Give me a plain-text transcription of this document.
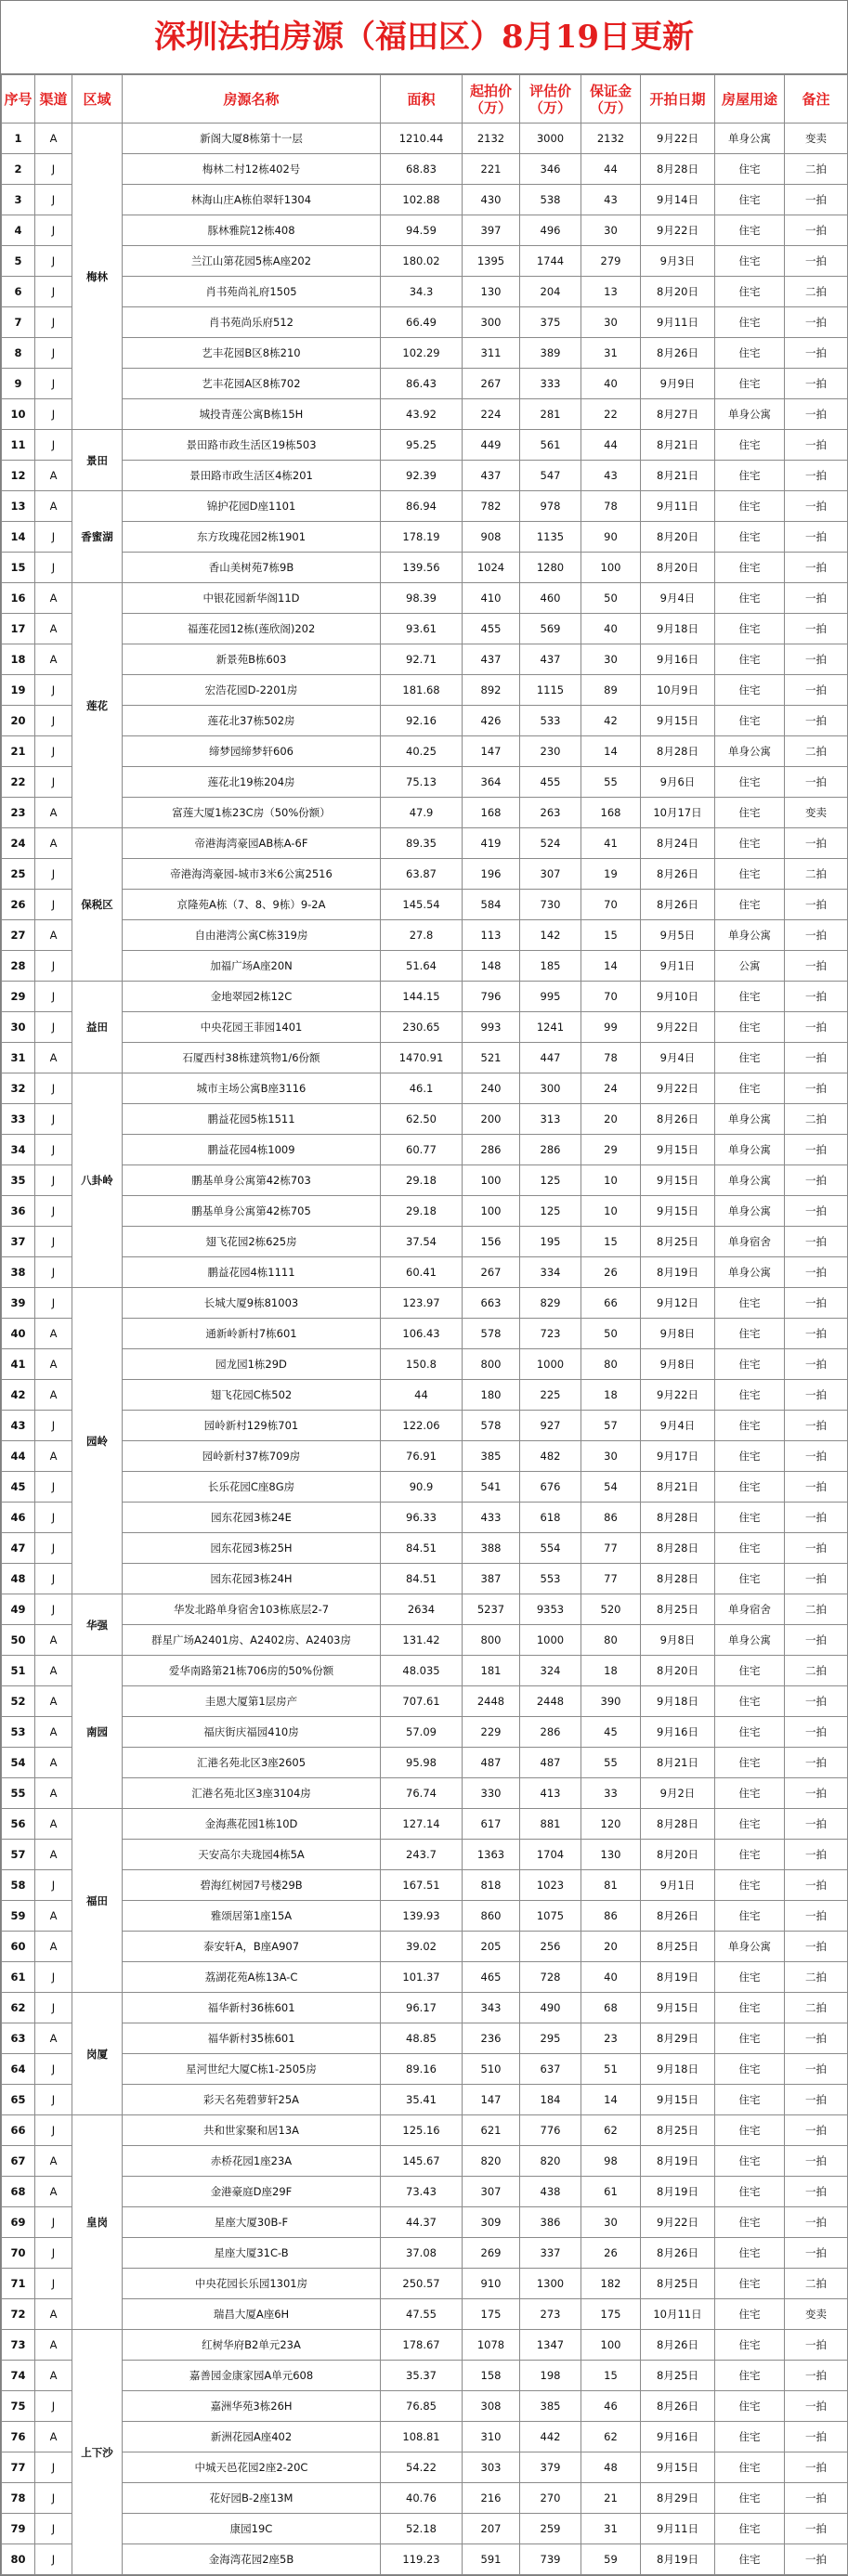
深圳法拍房源（福田区）8月19日更新
序号	渠道	区域	房源名称	面积	起拍价（万）	评估价（万）	保证金（万）	开拍日期	房屋用途	备注
1	A	梅林	新阁大厦8栋第十一层	1210.44	2132	3000	2132	9月22日	单身公寓	变卖
2	J		梅林二村12栋402号	68.83	221	346	44	8月28日	住宅	二拍
3	J		林海山庄A栋伯翠轩1304	102.88	430	538	43	9月14日	住宅	一拍
4	J		豚林雅院12栋408	94.59	397	496	30	9月22日	住宅	一拍
5	J		兰江山第花园5栋A座202	180.02	1395	1744	279	9月3日	住宅	一拍
6	J		肖书苑尚礼府1505	34.3	130	204	13	8月20日	住宅	二拍
7	J		肖书苑尚乐府512	66.49	300	375	30	9月11日	住宅	一拍
8	J		艺丰花园B区8栋210	102.29	311	389	31	8月26日	住宅	一拍
9	J		艺丰花园A区8栋702	86.43	267	333	40	9月9日	住宅	一拍
10	J		城投青莲公寓B栋15H	43.92	224	281	22	8月27日	单身公寓	一拍
11	J	景田	景田路市政生活区19栋503	95.25	449	561	44	8月21日	住宅	一拍
12	A		景田路市政生活区4栋201	92.39	437	547	43	8月21日	住宅	一拍
13	A	香蜜湖	锦护花园D座1101	86.94	782	978	78	9月11日	住宅	一拍
14	J		东方玫瑰花园2栋1901	178.19	908	1135	90	8月20日	住宅	一拍
15	J		香山美树苑7栋9B	139.56	1024	1280	100	8月20日	住宅	一拍
16	A	莲花	中银花园新华阁11D	98.39	410	460	50	9月4日	住宅	一拍
17	A		福莲花园12栋(莲欣阁)202	93.61	455	569	40	9月18日	住宅	一拍
18	A		新景苑B栋603	92.71	437	437	30	9月16日	住宅	一拍
19	J		宏浩花园D-2201房	181.68	892	1115	89	10月9日	住宅	一拍
20	J		莲花北37栋502房	92.16	426	533	42	9月15日	住宅	一拍
21	J		缔梦园缔梦轩606	40.25	147	230	14	8月28日	单身公寓	二拍
22	J		莲花北19栋204房	75.13	364	455	55	9月6日	住宅	一拍
23	A		富莲大厦1栋23C房（50%份额）	47.9	168	263	168	10月17日	住宅	变卖
24	A	保税区	帝港海湾豪园AB栋A-6F	89.35	419	524	41	8月24日	住宅	一拍
25	J		帝港海湾豪园-城市3米6公寓2516	63.87	196	307	19	8月26日	住宅	二拍
26	J		京隆苑A栋（7、8、9栋）9-2A	145.54	584	730	70	8月26日	住宅	一拍
27	A		自由港湾公寓C栋319房	27.8	113	142	15	9月5日	单身公寓	一拍
28	J		加福广场A座20N	51.64	148	185	14	9月1日	公寓	一拍
29	J	益田	金地翠园2栋12C	144.15	796	995	70	9月10日	住宅	一拍
30	J		中央花园王菲园1401	230.65	993	1241	99	9月22日	住宅	一拍
31	A		石厦西村38栋建筑物1/6份额	1470.91	521	447	78	9月4日	住宅	一拍
32	J	八卦岭	城市主场公寓B座3116	46.1	240	300	24	9月22日	住宅	一拍
33	J		鹏益花园5栋1511	62.50	200	313	20	8月26日	单身公寓	二拍
34	J		鹏益花园4栋1009	60.77	286	286	29	9月15日	单身公寓	一拍
35	J		鹏基单身公寓第42栋703	29.18	100	125	10	9月15日	单身公寓	一拍
36	J		鹏基单身公寓第42栋705	29.18	100	125	10	9月15日	单身公寓	一拍
37	J		翅飞花园2栋625房	37.54	156	195	15	8月25日	单身宿舍	一拍
38	J		鹏益花园4栋1111	60.41	267	334	26	8月19日	单身公寓	一拍
39	J	园岭	长城大厦9栋81003	123.97	663	829	66	9月12日	住宅	一拍
40	A		通新岭新村7栋601	106.43	578	723	50	9月8日	住宅	一拍
41	A		园龙园1栋29D	150.8	800	1000	80	9月8日	住宅	一拍
42	A		翅飞花园C栋502	44	180	225	18	9月22日	住宅	一拍
43	J		园岭新村129栋701	122.06	578	927	57	9月4日	住宅	一拍
44	A		园岭新村37栋709房	76.91	385	482	30	9月17日	住宅	一拍
45	J		长乐花园C座8G房	90.9	541	676	54	8月21日	住宅	一拍
46	J		园东花园3栋24E	96.33	433	618	86	8月28日	住宅	一拍
47	J		园东花园3栋25H	84.51	388	554	77	8月28日	住宅	一拍
48	J		园东花园3栋24H	84.51	387	553	77	8月28日	住宅	一拍
49	J	华强	华发北路单身宿舍103栋底层2-7	2634	5237	9353	520	8月25日	单身宿舍	二拍
50	A		群星广场A2401房、A2402房、A2403房	131.42	800	1000	80	9月8日	单身公寓	一拍
51	A	南园	爱华南路第21栋706房的50%份额	48.035	181	324	18	8月20日	住宅	二拍
52	A		圭恩大厦第1层房产	707.61	2448	2448	390	9月18日	住宅	一拍
53	A		福庆街庆福园410房	57.09	229	286	45	9月16日	住宅	一拍
54	A		汇港名苑北区3座2605	95.98	487	487	55	8月21日	住宅	一拍
55	A		汇港名苑北区3座3104房	76.74	330	413	33	9月2日	住宅	一拍
56	A	福田	金海燕花园1栋10D	127.14	617	881	120	8月28日	住宅	一拍
57	A		天安高尔夫珑园4栋5A	243.7	1363	1704	130	8月20日	住宅	一拍
58	J		碧海红树园7号楼29B	167.51	818	1023	81	9月1日	住宅	一拍
59	A		雅颂居第1座15A	139.93	860	1075	86	8月26日	住宅	一拍
60	A		泰安轩A，B座A907	39.02	205	256	20	8月25日	单身公寓	一拍
61	J		荔湖花苑A栋13A-C	101.37	465	728	40	8月19日	住宅	二拍
62	J	岗厦	福华新村36栋601	96.17	343	490	68	9月15日	住宅	二拍
63	A		福华新村35栋601	48.85	236	295	23	8月29日	住宅	一拍
64	J		星河世纪大厦C栋1-2505房	89.16	510	637	51	9月18日	住宅	一拍
65	J		彩天名苑碧萝轩25A	35.41	147	184	14	9月15日	住宅	一拍
66	J	皇岗	共和世家聚和居13A	125.16	621	776	62	8月25日	住宅	一拍
67	A		赤桥花园1座23A	145.67	820	820	98	8月19日	住宅	一拍
68	A		金港豪庭D座29F	73.43	307	438	61	8月19日	住宅	一拍
69	J		星座大厦30B-F	44.37	309	386	30	9月22日	住宅	一拍
70	J		星座大厦31C-B	37.08	269	337	26	8月26日	住宅	一拍
71	J		中央花园长乐园1301房	250.57	910	1300	182	8月25日	住宅	二拍
72	A		瑞昌大厦A座6H	47.55	175	273	175	10月11日	住宅	变卖
73	A	上下沙	红树华府B2单元23A	178.67	1078	1347	100	8月26日	住宅	一拍
74	A		嘉善园金康家园A单元608	35.37	158	198	15	8月25日	住宅	一拍
75	J		嘉洲华苑3栋26H	76.85	308	385	46	8月26日	住宅	一拍
76	A		新洲花园A座402	108.81	310	442	62	9月16日	住宅	一拍
77	J		中城天邑花园2座2-20C	54.22	303	379	48	9月15日	住宅	一拍
78	J		花好园B-2座13M	40.76	216	270	21	8月29日	住宅	一拍
79	J		康园19C	52.18	207	259	31	9月11日	住宅	一拍
80	J		金海湾花园2座5B	119.23	591	739	59	8月19日	住宅	一拍
